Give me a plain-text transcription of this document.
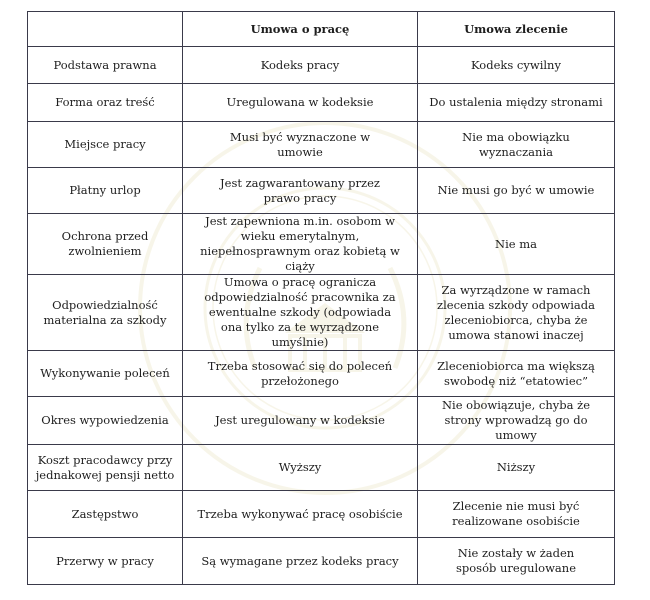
	Umowa o pracę	Umowa zlecenie
Podstawa prawna	Kodeks pracy	Kodeks cywilny
Forma oraz treść	Uregulowana w kodeksie	Do ustalenia między stronami
Miejsce pracy	Musi być wyznaczone w umowie	Nie ma obowiązku wyznaczania
Płatny urlop	Jest zagwarantowany przez prawo pracy	Nie musi go być w umowie
Ochrona przed zwolnieniem	Jest zapewniona m.in. osobom w wieku emerytalnym, niepełnosprawnym oraz kobietą w ciąży	Nie ma
Odpowiedzialność materialna za szkody	Umowa o pracę ogranicza odpowiedzialność pracownika za ewentualne szkody (odpowiada ona tylko za te wyrządzone umyślnie)	Za wyrządzone w ramach zlecenia szkody odpowiada zleceniobiorca, chyba że umowa stanowi inaczej
Wykonywanie poleceń	Trzeba stosować się do poleceń przełożonego	Zleceniobiorca ma większą swobodę niż “etatowiec”
Okres wypowiedzenia	Jest uregulowany w kodeksie	Nie obowiązuje, chyba że strony wprowadzą go do umowy
Koszt pracodawcy przy jednakowej pensji netto	Wyższy	Niższy
Zastępstwo	Trzeba wykonywać pracę osobiście	Zlecenie nie musi być realizowane osobiście
Przerwy w pracy	Są wymagane przez kodeks pracy	Nie zostały w żaden sposób uregulowane
